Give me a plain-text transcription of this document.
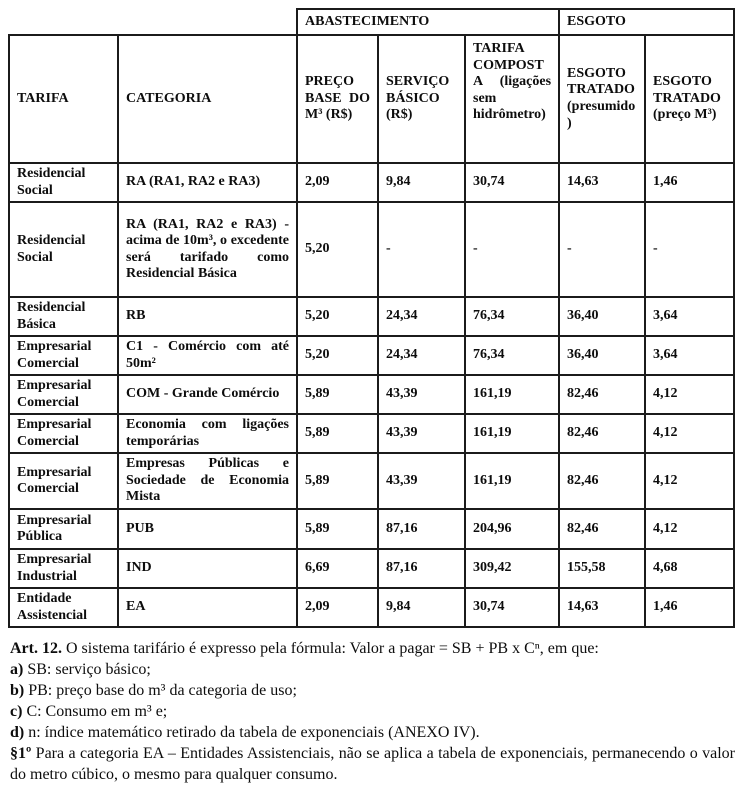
		ABASTECIMENTO			ESGOTO	
TARIFA	CATEGORIA	PREÇO BASE DO M³ (R$)	SERVIÇO BÁSICO (R$)	TARIFA COMPOSTA (ligações sem hidrômetro)	ESGOTO TRATADO (presumido)	ESGOTO TRATADO (preço M³)
Residencial Social	RA (RA1, RA2 e RA3)	2,09	9,84	30,74	14,63	1,46
Residencial Social	RA (RA1, RA2 e RA3) - acima de 10m³, o excedente será tarifado como Residencial Básica	5,20	-	-	-	-
Residencial Básica	RB	5,20	24,34	76,34	36,40	3,64
Empresarial Comercial	C1 - Comércio com até 50m²	5,20	24,34	76,34	36,40	3,64
Empresarial Comercial	COM - Grande Comércio	5,89	43,39	161,19	82,46	4,12
Empresarial Comercial	Economia com ligações temporárias	5,89	43,39	161,19	82,46	4,12
Empresarial Comercial	Empresas Públicas e Sociedade de Economia Mista	5,89	43,39	161,19	82,46	4,12
Empresarial Pública	PUB	5,89	87,16	204,96	82,46	4,12
Empresarial Industrial	IND	6,69	87,16	309,42	155,58	4,68
Entidade Assistencial	EA	2,09	9,84	30,74	14,63	1,46

Art. 12. O sistema tarifário é expresso pela fórmula: Valor a pagar = SB + PB x Cⁿ, em que:

a) SB: serviço básico;

b) PB: preço base do m³ da categoria de uso;

c) C: Consumo em m³ e;

d) n: índice matemático retirado da tabela de exponenciais (ANEXO IV).

§1º Para a categoria EA – Entidades Assistenciais, não se aplica a tabela de exponenciais, permanecendo o valor do metro cúbico, o mesmo para qualquer consumo.
